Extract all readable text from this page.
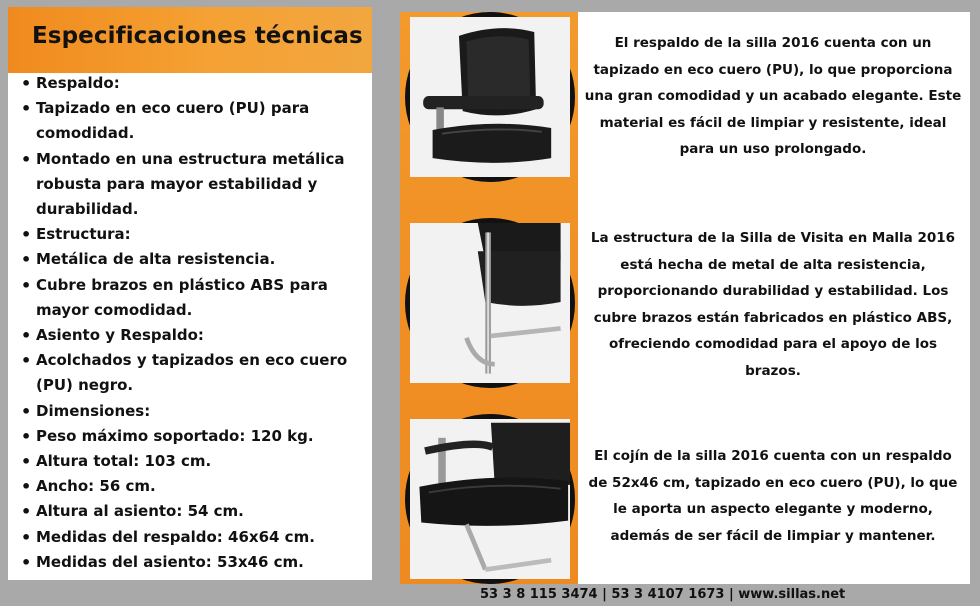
Especificaciones técnicas
• Respaldo:
• Tapizado en eco cuero (PU) para comodidad.
• Montado en una estructura metálica robusta para mayor estabilidad y durabilidad.
• Estructura:
• Metálica de alta resistencia.
• Cubre brazos en plástico ABS para mayor comodidad.
• Asiento y Respaldo:
• Acolchados y tapizados en eco cuero (PU) negro.
• Dimensiones:
• Peso máximo soportado: 120 kg.
• Altura total: 103 cm.
• Ancho: 56 cm.
• Altura al asiento: 54 cm.
• Medidas del respaldo: 46x64 cm.
• Medidas del asiento: 53x46 cm.

El respaldo de la silla 2016 cuenta con un tapizado en eco cuero (PU), lo que proporciona una gran comodidad y un acabado elegante. Este material es fácil de limpiar y resistente, ideal para un uso prolongado.

La estructura de la Silla de Visita en Malla 2016 está hecha de metal de alta resistencia, proporcionando durabilidad y estabilidad. Los cubre brazos están fabricados en plástico ABS, ofreciendo comodidad para el apoyo de los brazos.

El cojín de la silla 2016 cuenta con un respaldo de 52x46 cm, tapizado en eco cuero (PU), lo que le aporta un aspecto elegante y moderno, además de ser fácil de limpiar y mantener.

53 3 8 115 3474 | 53 3 4107 1673 | www.sillas.net
